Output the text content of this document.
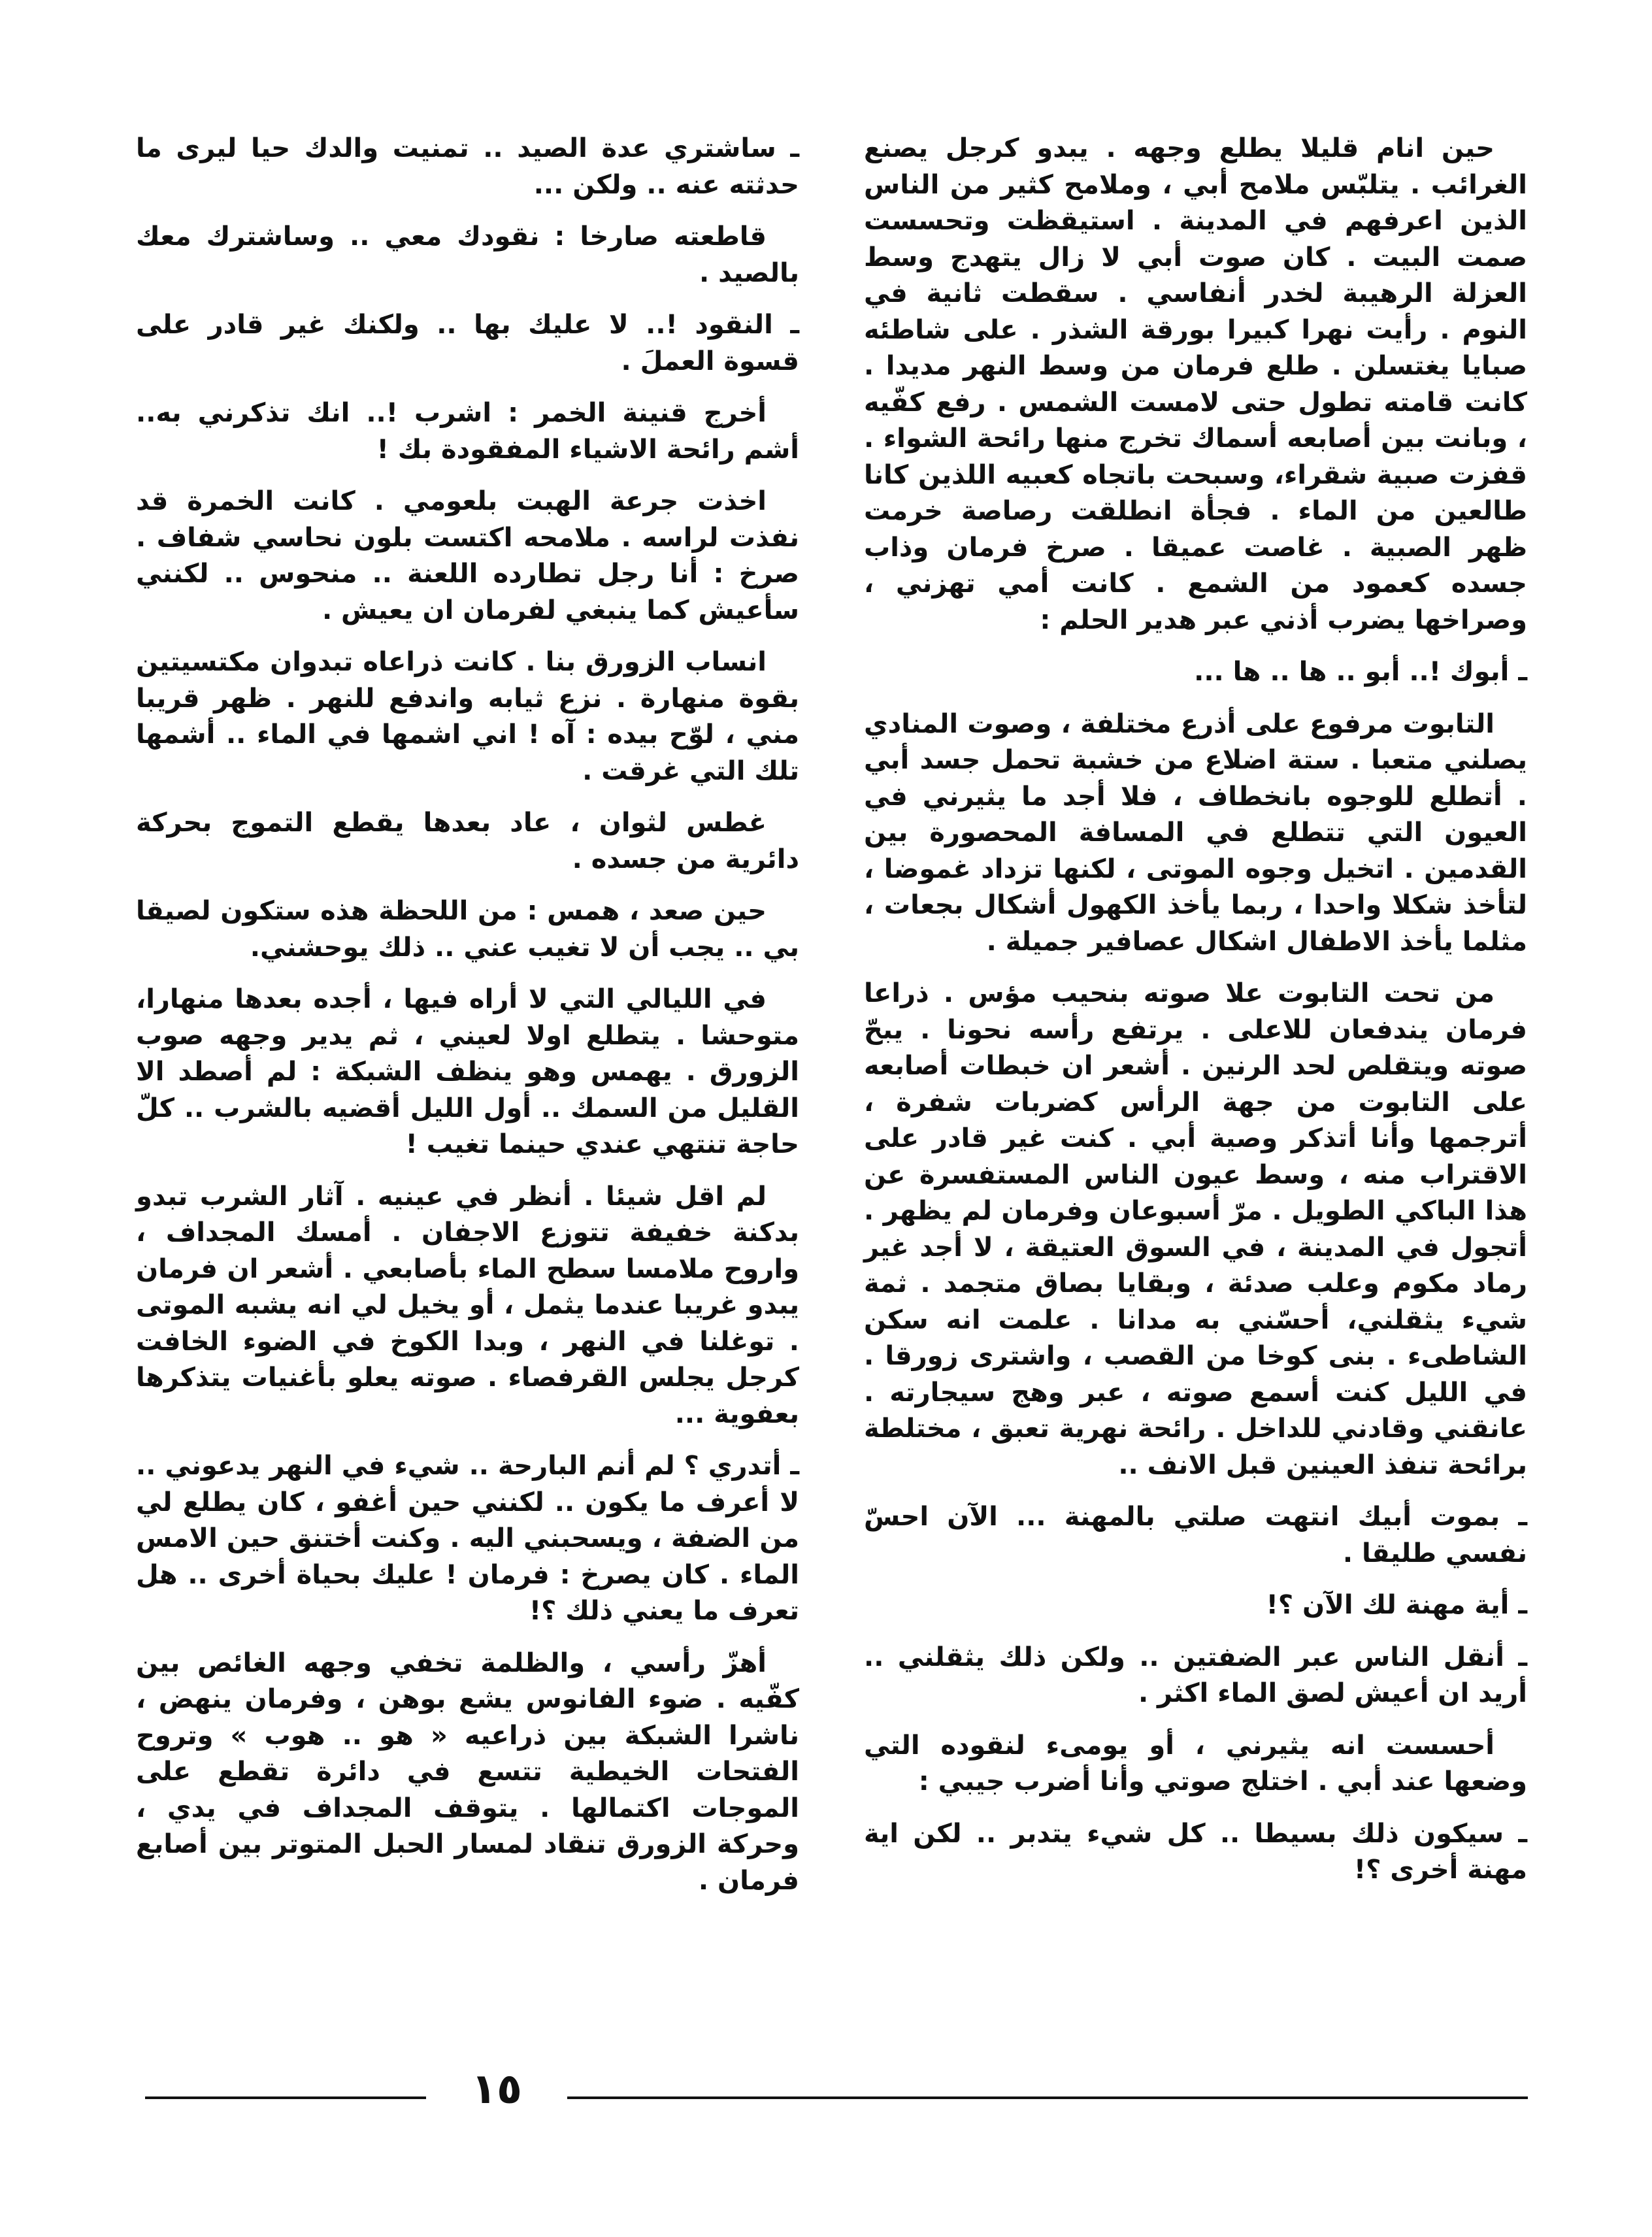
حين انام قليلا يطلع وجهه . يبدو كرجل يصنع الغرائب . يتلبّس ملامح أبي ، وملامح كثير من الناس الذين اعرفهم في المدينة . استيقظت وتحسست صمت البيت . كان صوت أبي لا زال يتهدج وسط العزلة الرهيبة لخدر أنفاسي . سقطت ثانية في النوم . رأيت نهرا كبيرا بورقة الشذر . على شاطئه صبايا يغتسلن . طلع فرمان من وسط النهر مديدا . كانت قامته تطول حتى لامست الشمس . رفع كفّيه ، وبانت بين أصابعه أسماك تخرج منها رائحة الشواء . قفزت صبية شقراء، وسبحت باتجاه كعبيه اللذين كانا طالعين من الماء . فجأة انطلقت رصاصة خرمت ظهر الصبية . غاصت عميقا . صرخ فرمان وذاب جسده كعمود من الشمع . كانت أمي تهزني ، وصراخها يضرب أذني عبر هدير الحلم :

ـ أبوك !.. أبو .. ها .. ها ...

التابوت مرفوع على أذرع مختلفة ، وصوت المنادي يصلني متعبا . ستة اضلاع من خشبة تحمل جسد أبي . أتطلع للوجوه بانخطاف ، فلا أجد ما يثيرني في العيون التي تتطلع في المسافة المحصورة بين القدمين . اتخيل وجوه الموتى ، لكنها تزداد غموضا ، لتأخذ شكلا واحدا ، ربما يأخذ الكهول أشكال بجعات ، مثلما يأخذ الاطفال اشكال عصافير جميلة .

من تحت التابوت علا صوته بنحيب مؤس . ذراعا فرمان يندفعان للاعلى . يرتفع رأسه نحونا . يبحّ صوته ويتقلص لحد الرنين . أشعر ان خبطات أصابعه على التابوت من جهة الرأس كضربات شفرة ، أترجمها وأنا أتذكر وصية أبي . كنت غير قادر على الاقتراب منه ، وسط عيون الناس المستفسرة عن هذا الباكي الطويل . مرّ أسبوعان وفرمان لم يظهر . أتجول في المدينة ، في السوق العتيقة ، لا أجد غير رماد مكوم وعلب صدئة ، وبقايا بصاق متجمد . ثمة شيء يثقلني، أحسّني به مدانا . علمت انه سكن الشاطىء . بنى كوخا من القصب ، واشترى زورقا . في الليل كنت أسمع صوته ، عبر وهج سيجارته . عانقني وقادني للداخل . رائحة نهرية تعبق ، مختلطة برائحة تنفذ العينين قبل الانف ..

ـ بموت أبيك انتهت صلتي بالمهنة ... الآن احسّ نفسي طليقا .

ـ أية مهنة لك الآن ؟!

ـ أنقل الناس عبر الضفتين .. ولكن ذلك يثقلني .. أريد ان أعيش لصق الماء اكثر .

أحسست انه يثيرني ، أو يومىء لنقوده التي وضعها عند أبي . اختلج صوتي وأنا أضرب جيبي :

ـ سيكون ذلك بسيطا .. كل شيء يتدبر .. لكن اية مهنة أخرى ؟!

ـ ساشتري عدة الصيد .. تمنيت والدك حيا ليرى ما حدثته عنه .. ولكن ...

قاطعته صارخا : نقودك معي .. وساشترك معك بالصيد .

ـ النقود !.. لا عليك بها .. ولكنك غير قادر على قسوة العملَ .

أخرج قنينة الخمر : اشرب !.. انك تذكرني به.. أشم رائحة الاشياء المفقودة بك !

اخذت جرعة الهبت بلعومي . كانت الخمرة قد نفذت لراسه . ملامحه اكتست بلون نحاسي شفاف . صرخ : أنا رجل تطارده اللعنة .. منحوس .. لكنني سأعيش كما ينبغي لفرمان ان يعيش .

انساب الزورق بنا . كانت ذراعاه تبدوان مكتسيتين بقوة منهارة . نزع ثيابه واندفع للنهر . ظهر قريبا مني ، لوّح بيده : آه ! اني اشمها في الماء .. أشمها تلك التي غرقت .

غطس لثوان ، عاد بعدها يقطع التموج بحركة دائرية من جسده .

حين صعد ، همس : من اللحظة هذه ستكون لصيقا بي .. يجب أن لا تغيب عني .. ذلك يوحشني.

في الليالي التي لا أراه فيها ، أجده بعدها منهارا، متوحشا . يتطلع اولا لعيني ، ثم يدير وجهه صوب الزورق . يهمس وهو ينظف الشبكة : لم أصطد الا القليل من السمك .. أول الليل أقضيه بالشرب .. كلّ حاجة تنتهي عندي حينما تغيب !

لم اقل شيئا . أنظر في عينيه . آثار الشرب تبدو بدكنة خفيفة تتوزع الاجفان . أمسك المجداف ، واروح ملامسا سطح الماء بأصابعي . أشعر ان فرمان يبدو غريبا عندما يثمل ، أو يخيل لي انه يشبه الموتى . توغلنا في النهر ، وبدا الكوخ في الضوء الخافت كرجل يجلس القرفصاء . صوته يعلو بأغنيات يتذكرها بعفوية ...

ـ أتدري ؟ لم أنم البارحة .. شيء في النهر يدعوني .. لا أعرف ما يكون .. لكنني حين أغفو ، كان يطلع لي من الضفة ، ويسحبني اليه . وكنت أختنق حين الامس الماء . كان يصرخ : فرمان ! عليك بحياة أخرى .. هل تعرف ما يعني ذلك ؟!

أهزّ رأسي ، والظلمة تخفي وجهه الغائص بين كفّيه . ضوء الفانوس يشع بوهن ، وفرمان ينهض ، ناشرا الشبكة بين ذراعيه « هو .. هوب » وتروح الفتحات الخيطية تتسع في دائرة تقطع على الموجات اكتمالها . يتوقف المجداف في يدي ، وحركة الزورق تنقاد لمسار الحبل المتوتر بين أصابع فرمان .

١٥
